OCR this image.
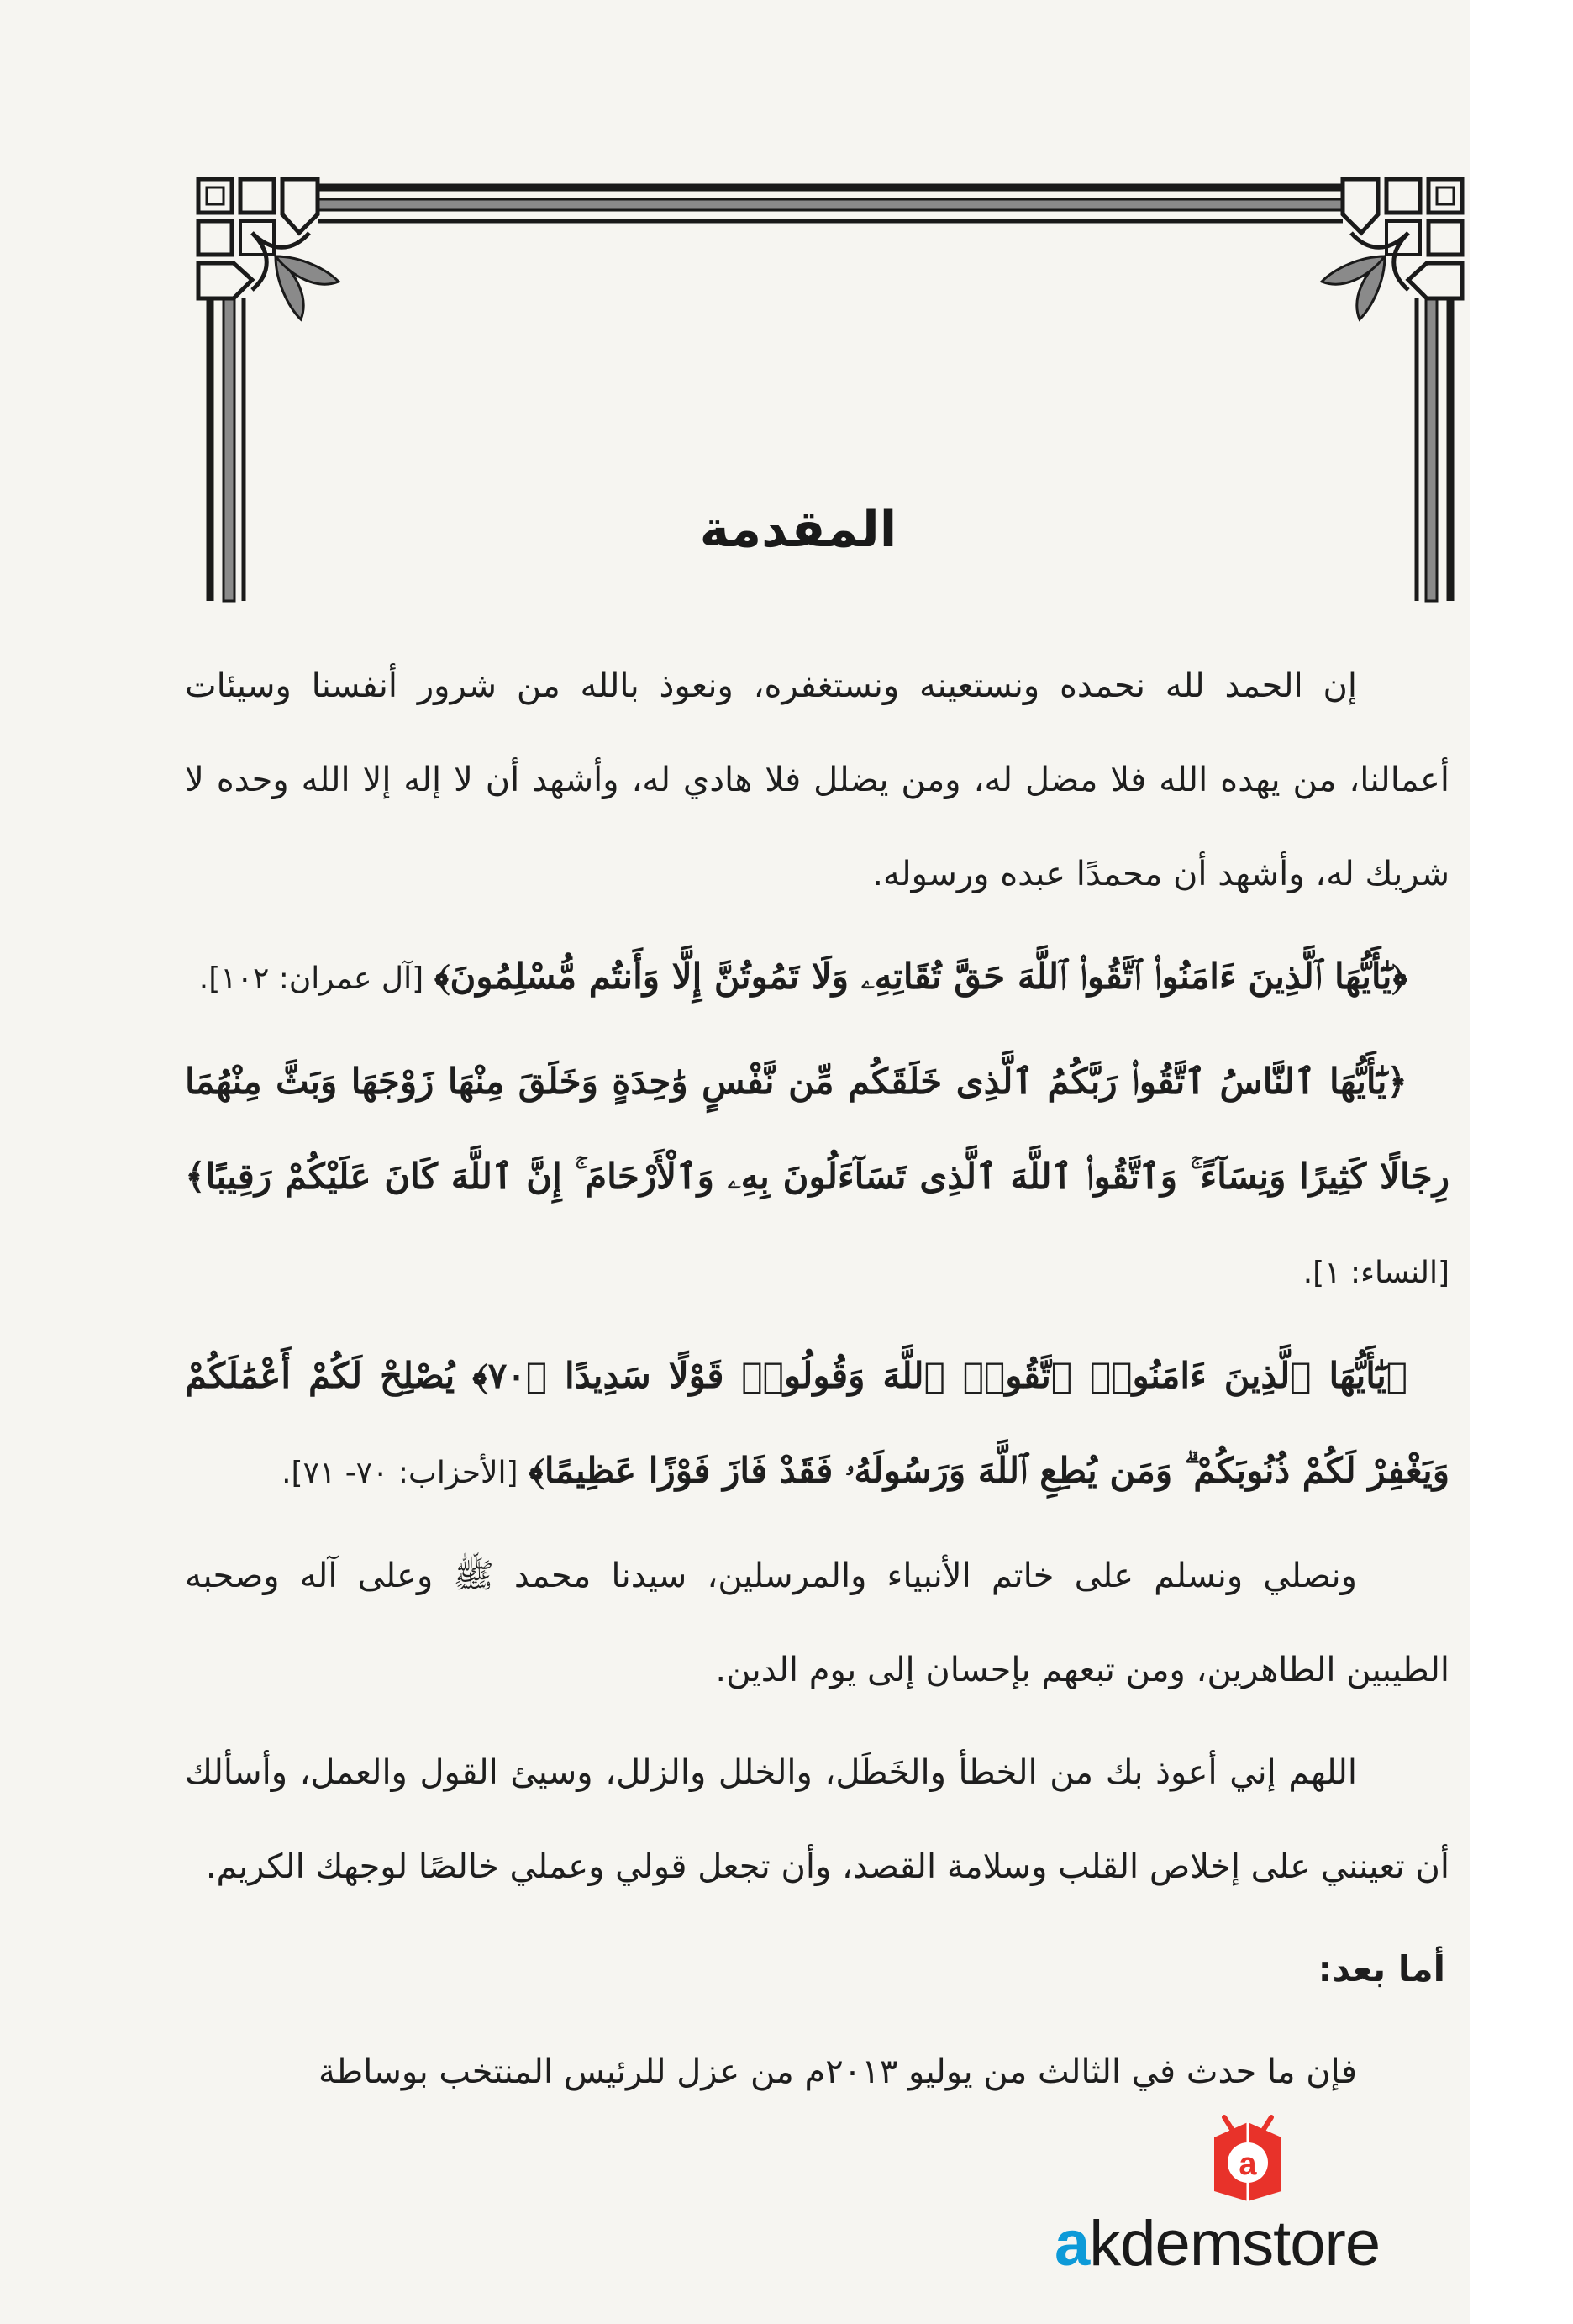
المقدمة

إن الحمد لله نحمده ونستعينه ونستغفره، ونعوذ بالله من شرور أنفسنا وسيئات أعمالنا، من يهده الله فلا مضل له، ومن يضلل فلا هادي له، وأشهد أن لا إله إلا الله وحده لا شريك له، وأشهد أن محمدًا عبده ورسوله.

﴿يَٰٓأَيُّهَا ٱلَّذِينَ ءَامَنُوا۟ ٱتَّقُوا۟ ٱللَّهَ حَقَّ تُقَاتِهِۦ وَلَا تَمُوتُنَّ إِلَّا وَأَنتُم مُّسْلِمُونَ﴾ [آل عمران: ١٠٢].

﴿يَٰٓأَيُّهَا ٱلنَّاسُ ٱتَّقُوا۟ رَبَّكُمُ ٱلَّذِى خَلَقَكُم مِّن نَّفْسٍ وَٰحِدَةٍ وَخَلَقَ مِنْهَا زَوْجَهَا وَبَثَّ مِنْهُمَا رِجَالًا كَثِيرًا وَنِسَآءً ۚ وَٱتَّقُوا۟ ٱللَّهَ ٱلَّذِى تَسَآءَلُونَ بِهِۦ وَٱلْأَرْحَامَ ۚ إِنَّ ٱللَّهَ كَانَ عَلَيْكُمْ رَقِيبًا﴾ [النساء: ١].

﴿يَٰٓأَيُّهَا ٱلَّذِينَ ءَامَنُوا۟ ٱتَّقُوا۟ ٱللَّهَ وَقُولُوا۟ قَوْلًا سَدِيدًا ﴿٧٠﴾ يُصْلِحْ لَكُمْ أَعْمَٰلَكُمْ وَيَغْفِرْ لَكُمْ ذُنُوبَكُمْ ۗ وَمَن يُطِعِ ٱللَّهَ وَرَسُولَهُۥ فَقَدْ فَازَ فَوْزًا عَظِيمًا﴾ [الأحزاب: ٧٠- ٧١].

ونصلي ونسلم على خاتم الأنبياء والمرسلين، سيدنا محمد ﷺ وعلى آله وصحبه الطيبين الطاهرين، ومن تبعهم بإحسان إلى يوم الدين.

اللهم إني أعوذ بك من الخطأ والخَطَل، والخلل والزلل، وسيئ القول والعمل، وأسألك أن تعينني على إخلاص القلب وسلامة القصد، وأن تجعل قولي وعملي خالصًا لوجهك الكريم.

أما بعد:

فإن ما حدث في الثالث من يوليو ٢٠١٣م من عزل للرئيس المنتخب بوساطة

a
akdemstore
